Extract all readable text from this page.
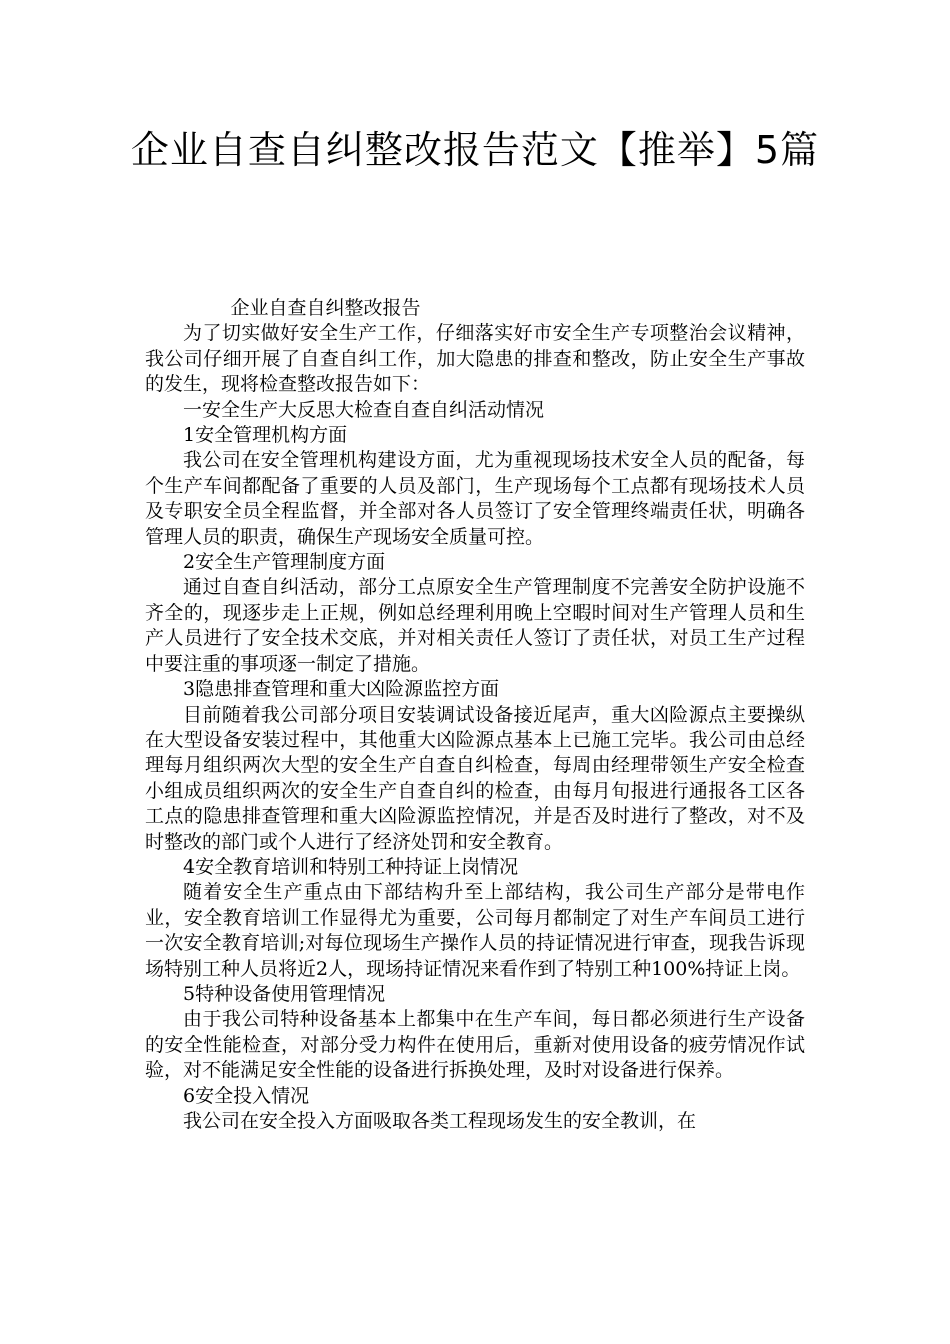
企业自查自纠整改报告范文【推举】5篇

企业自查自纠整改报告

为了切实做好安全生产工作，仔细落实好市安全生产专项整治会议精神，我公司仔细开展了自查自纠工作，加大隐患的排查和整改，防止安全生产事故的发生，现将检查整改报告如下：

一安全生产大反思大检查自查自纠活动情况

1安全管理机构方面

我公司在安全管理机构建设方面，尤为重视现场技术安全人员的配备，每个生产车间都配备了重要的人员及部门，生产现场每个工点都有现场技术人员及专职安全员全程监督，并全部对各人员签订了安全管理终端责任状，明确各管理人员的职责，确保生产现场安全质量可控。

2安全生产管理制度方面

通过自查自纠活动，部分工点原安全生产管理制度不完善安全防护设施不齐全的，现逐步走上正规，例如总经理利用晚上空暇时间对生产管理人员和生产人员进行了安全技术交底，并对相关责任人签订了责任状，对员工生产过程中要注重的事项逐一制定了措施。

3隐患排查管理和重大凶险源监控方面

目前随着我公司部分项目安装调试设备接近尾声，重大凶险源点主要操纵在大型设备安装过程中，其他重大凶险源点基本上已施工完毕。我公司由总经理每月组织两次大型的安全生产自查自纠检查，每周由经理带领生产安全检查小组成员组织两次的安全生产自查自纠的检查，由每月旬报进行通报各工区各工点的隐患排查管理和重大凶险源监控情况，并是否及时进行了整改，对不及时整改的部门或个人进行了经济处罚和安全教育。

4安全教育培训和特别工种持证上岗情况

随着安全生产重点由下部结构升至上部结构，我公司生产部分是带电作业，安全教育培训工作显得尤为重要，公司每月都制定了对生产车间员工进行一次安全教育培训;对每位现场生产操作人员的持证情况进行审查，现我告诉现场特别工种人员将近2人，现场持证情况来看作到了特别工种100%持证上岗。

5特种设备使用管理情况

由于我公司特种设备基本上都集中在生产车间，每日都必须进行生产设备的安全性能检查，对部分受力构件在使用后，重新对使用设备的疲劳情况作试验，对不能满足安全性能的设备进行拆换处理，及时对设备进行保养。

6安全投入情况

我公司在安全投入方面吸取各类工程现场发生的安全教训，在
